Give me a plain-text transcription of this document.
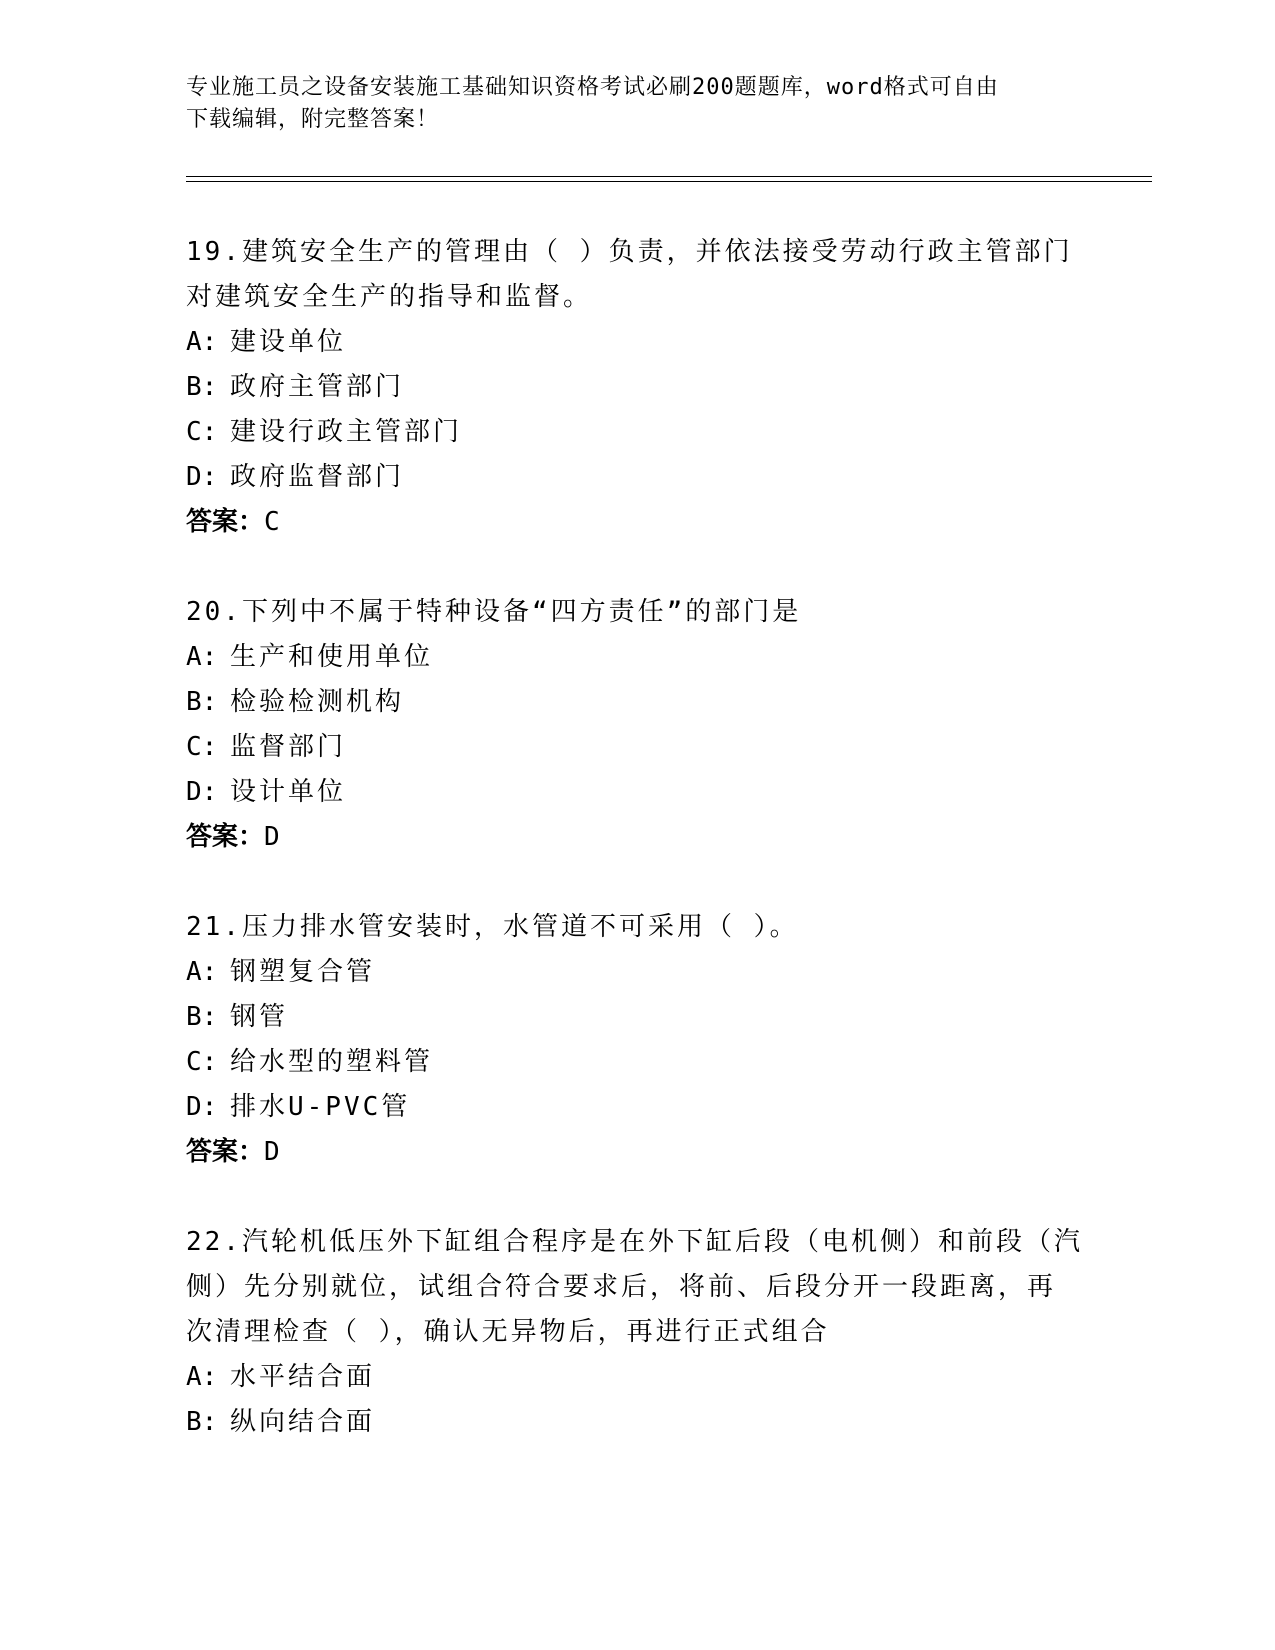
专业施工员之设备安装施工基础知识资格考试必刷200题题库，word格式可自由
下载编辑，附完整答案！
19.建筑安全生产的管理由（ ）负责，并依法接受劳动行政主管部门
对建筑安全生产的指导和监督。
A: 建设单位
B: 政府主管部门
C: 建设行政主管部门
D: 政府监督部门
答案：C
20.下列中不属于特种设备“四方责任”的部门是
A: 生产和使用单位
B: 检验检测机构
C: 监督部门
D: 设计单位
答案：D
21.压力排水管安装时，水管道不可采用（ ）。
A: 钢塑复合管
B: 钢管
C: 给水型的塑料管
D: 排水U-PVC管
答案：D
22.汽轮机低压外下缸组合程序是在外下缸后段（电机侧）和前段（汽
侧）先分别就位，试组合符合要求后，将前、后段分开一段距离，再
次清理检查（ ），确认无异物后，再进行正式组合
A: 水平结合面
B: 纵向结合面
